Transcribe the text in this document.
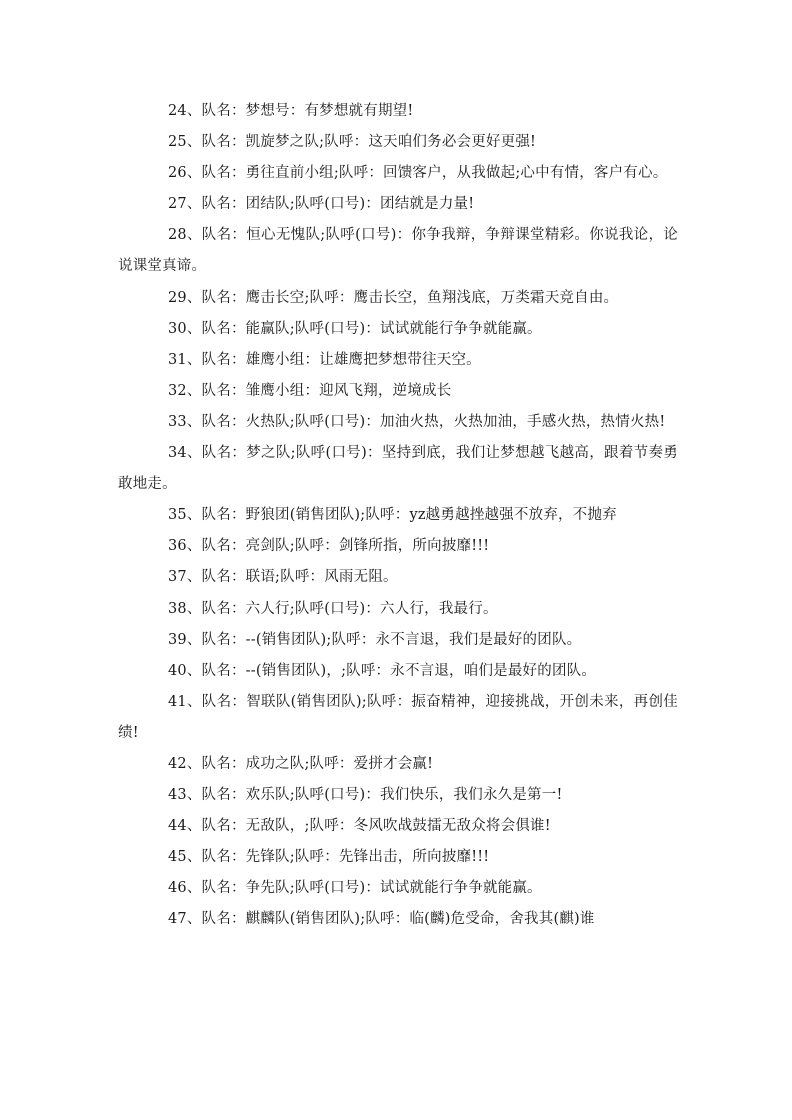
24、队名：梦想号：有梦想就有期望!

25、队名：凯旋梦之队;队呼：这天咱们务必会更好更强!

26、队名：勇往直前小组;队呼：回馈客户，从我做起;心中有情，客户有心。

27、队名：团结队;队呼(口号)：团结就是力量!

28、队名：恒心无愧队;队呼(口号)：你争我辩，争辩课堂精彩。你说我论，论说课堂真谛。

29、队名：鹰击长空;队呼：鹰击长空，鱼翔浅底，万类霜天竞自由。

30、队名：能赢队;队呼(口号)：试试就能行争争就能赢。

31、队名：雄鹰小组：让雄鹰把梦想带往天空。

32、队名：雏鹰小组：迎风飞翔，逆境成长

33、队名：火热队;队呼(口号)：加油火热，火热加油，手感火热，热情火热!

34、队名：梦之队;队呼(口号)：坚持到底，我们让梦想越飞越高，跟着节奏勇敢地走。

35、队名：野狼团(销售团队);队呼：yz越勇越挫越强不放弃，不抛弃

36、队名：亮剑队;队呼：剑锋所指，所向披靡!!!

37、队名：联语;队呼：风雨无阻。

38、队名：六人行;队呼(口号)：六人行，我最行。

39、队名：--(销售团队);队呼：永不言退，我们是最好的团队。

40、队名：--(销售团队)，;队呼：永不言退，咱们是最好的团队。

41、队名：智联队(销售团队);队呼：振奋精神，迎接挑战，开创未来，再创佳绩!

42、队名：成功之队;队呼：爱拼才会赢!

43、队名：欢乐队;队呼(口号)：我们快乐，我们永久是第一!

44、队名：无敌队，;队呼：冬风吹战鼓擂无敌众将会俱谁!

45、队名：先锋队;队呼：先锋出击，所向披靡!!!

46、队名：争先队;队呼(口号)：试试就能行争争就能赢。

47、队名：麒麟队(销售团队);队呼：临(麟)危受命，舍我其(麒)谁
